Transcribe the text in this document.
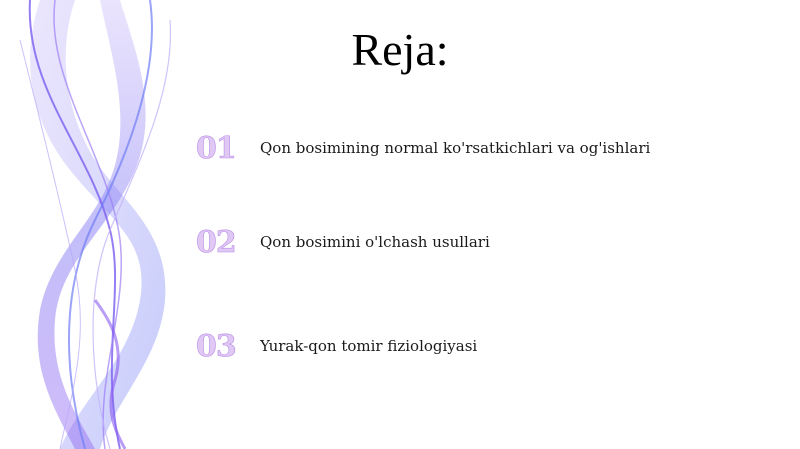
Reja:
01	Qon bosimining normal ko'rsatkichlari va og'ishlari
02	Qon bosimini o'lchash usullari
03	Yurak-qon tomir fiziologiyasi
